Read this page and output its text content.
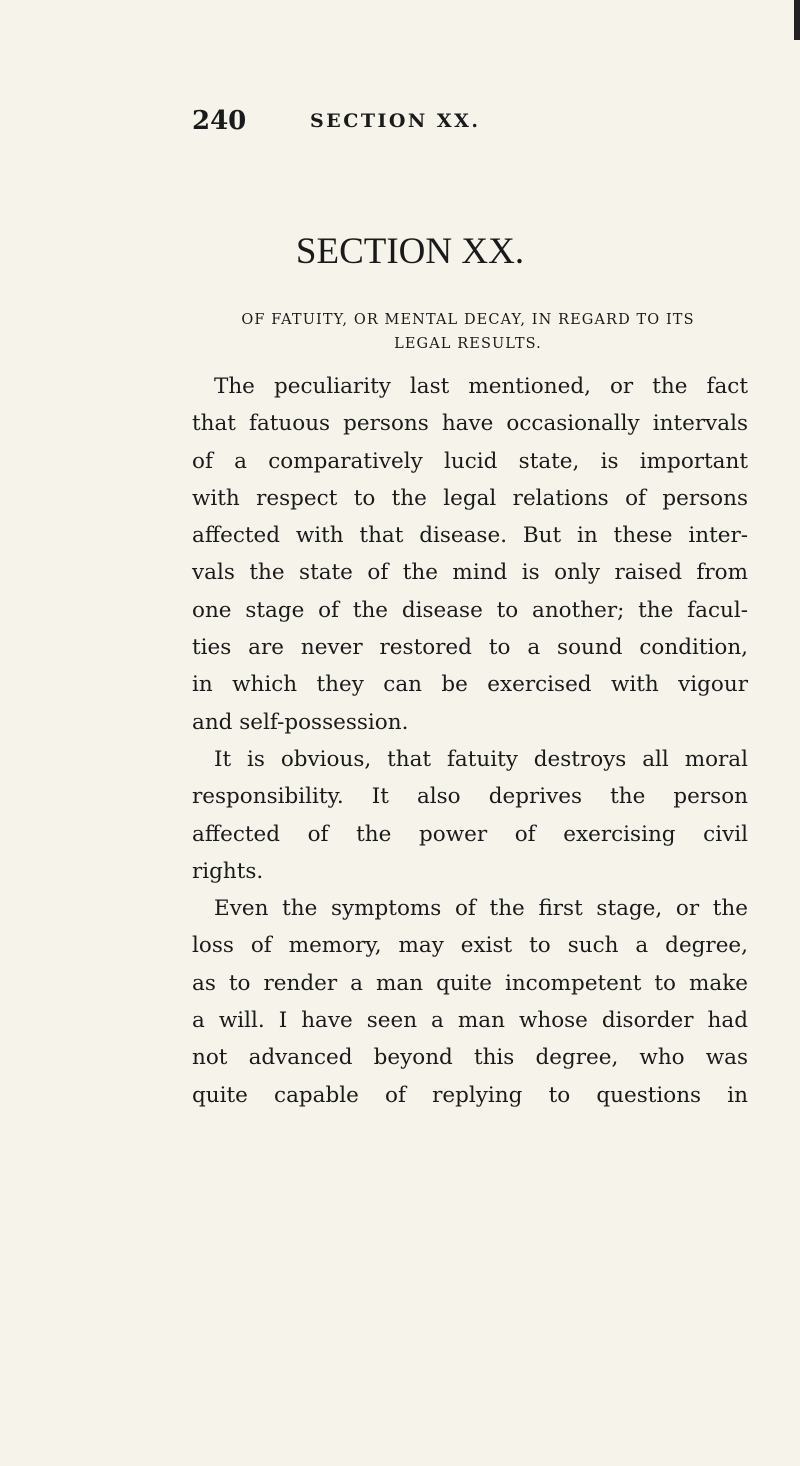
240	SECTION XX.
SECTION XX.
OF FATUITY, OR MENTAL DECAY, IN REGARD TO ITS
LEGAL RESULTS.
The peculiarity last mentioned, or the fact
that fatuous persons have occasionally intervals
of a comparatively lucid state, is important
with respect to the legal relations of persons
affected with that disease. But in these inter-
vals the state of the mind is only raised from
one stage of the disease to another; the facul-
ties are never restored to a sound condition,
in which they can be exercised with vigour
and self-possession.
It is obvious, that fatuity destroys all moral
responsibility. It also deprives the person
affected of the power of exercising civil
rights.
Even the symptoms of the first stage, or the
loss of memory, may exist to such a degree,
as to render a man quite incompetent to make
a will. I have seen a man whose disorder had
not advanced beyond this degree, who was
quite capable of replying to questions in
